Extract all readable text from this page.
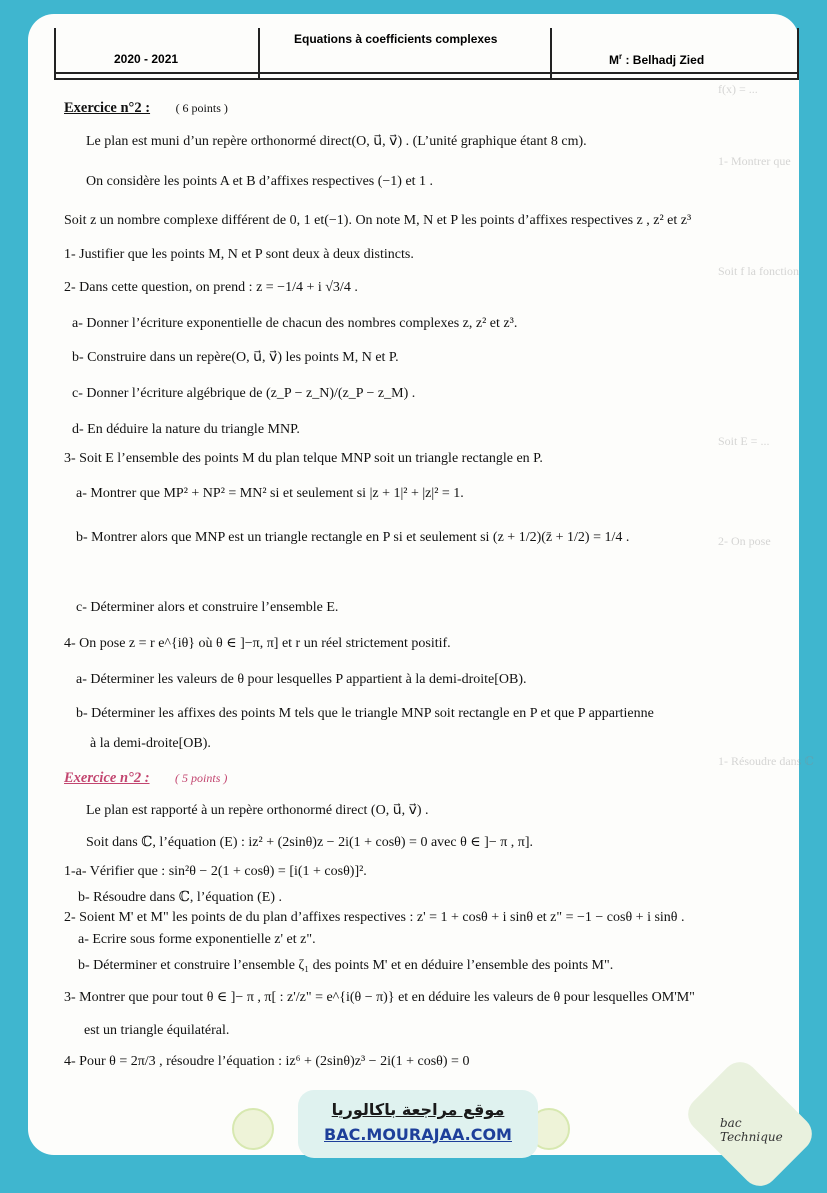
2020 - 2021
Equations à coefficients complexes
$M^r$ : Belhadj Zied
f(x) = ...
1- Montrer que
Soit f la fonction
Soit E = ...
2- On pose
1- Résoudre dans ℂ
Exercice n°2 : ( 6 points )
Le plan est muni d’un repère orthonormé direct(O, u⃗, v⃗) . (L’unité graphique étant 8 cm).
On considère les points A et B d’affixes respectives (−1) et 1 .
Soit z un nombre complexe différent de 0, 1 et(−1). On note M, N et P les points d’affixes respectives z , z² et z³
1- Justifier que les points M, N et P sont deux à deux distincts.
2- Dans cette question, on prend : z = −1/4 + i √3/4 .
a- Donner l’écriture exponentielle de chacun des nombres complexes z, z² et z³.
b- Construire dans un repère(O, u⃗, v⃗) les points M, N et P.
c- Donner l’écriture algébrique de (z_P − z_N)/(z_P − z_M) .
d- En déduire la nature du triangle MNP.
3- Soit E l’ensemble des points M du plan telque MNP soit un triangle rectangle en P.
a- Montrer que MP² + NP² = MN² si et seulement si |z + 1|² + |z|² = 1.
b- Montrer alors que MNP est un triangle rectangle en P si et seulement si (z + 1/2)(z̄ + 1/2) = 1/4 .
c- Déterminer alors et construire l’ensemble E.
4- On pose z = r e^{iθ} où θ ∈ ]−π, π] et r un réel strictement positif.
a- Déterminer les valeurs de θ pour lesquelles P appartient à la demi-droite[OB).
b- Déterminer les affixes des points M tels que le triangle MNP soit rectangle en P et que P appartienne
à la demi-droite[OB).
Exercice n°2 : ( 5 points )
Le plan est rapporté à un repère orthonormé direct (O, u⃗, v⃗) .
Soit dans ℂ, l’équation (E) : iz² + (2sinθ)z − 2i(1 + cosθ) = 0 avec θ ∈ ]− π , π].
1-a- Vérifier que : sin²θ − 2(1 + cosθ) = [i(1 + cosθ)]².
b- Résoudre dans ℂ, l’équation (E) .
2- Soient M' et M" les points de du plan d’affixes respectives : z' = 1 + cosθ + i sinθ et z" = −1 − cosθ + i sinθ .
a- Ecrire sous forme exponentielle z' et z".
b- Déterminer et construire l’ensemble ζ₁ des points M' et en déduire l’ensemble des points M".
3- Montrer que pour tout θ ∈ ]− π , π[ : z'/z" = e^{i(θ − π)} et en déduire les valeurs de θ pour lesquelles OM'M"
est un triangle équilatéral.
4- Pour θ = 2π/3 , résoudre l’équation : iz⁶ + (2sinθ)z³ − 2i(1 + cosθ) = 0
موقع مراجعة باكالوريا
BAC.MOURAJAA.COM
bac Technique
